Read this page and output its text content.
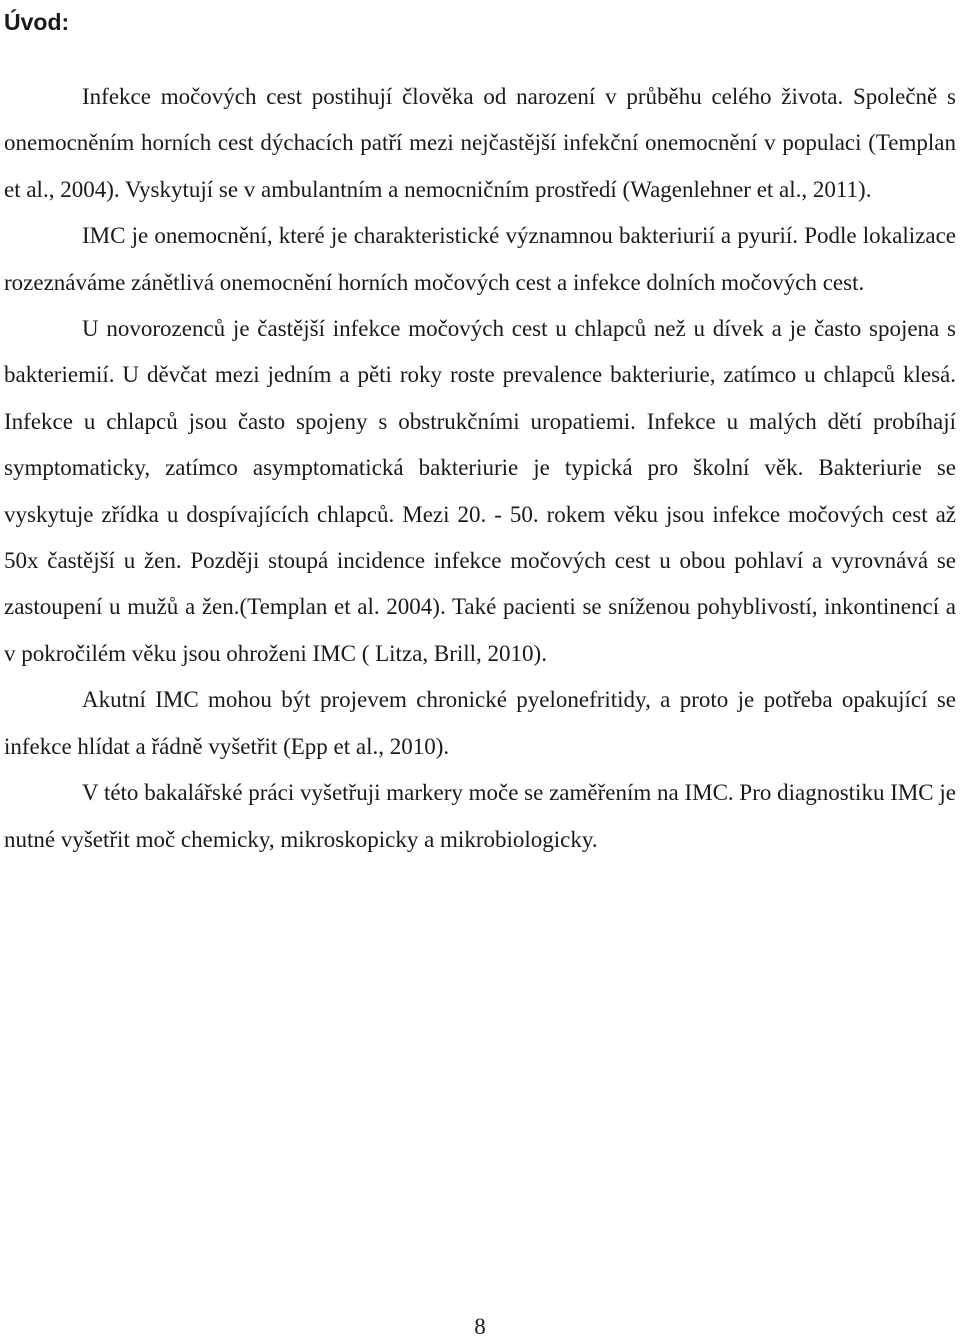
Úvod:

Infekce močových cest postihují člověka od narození v průběhu celého života. Společně s onemocněním horních cest dýchacích patří mezi nejčastější infekční onemocnění v populaci (Templan et al., 2004). Vyskytují se v ambulantním a nemocničním prostředí (Wagenlehner et al., 2011).

IMC je onemocnění, které je charakteristické významnou bakteriurií a pyurií. Podle lokalizace rozeznáváme zánětlivá onemocnění horních močových cest a infekce dolních močových cest.

U novorozenců je častější infekce močových cest u chlapců než u dívek a je často spojena s bakteriemií. U děvčat mezi jedním a pěti roky roste prevalence bakteriurie, zatímco u chlapců klesá. Infekce u chlapců jsou často spojeny s obstrukčními uropatiemi. Infekce u malých dětí probíhají symptomaticky, zatímco asymptomatická bakteriurie je typická pro školní věk. Bakteriurie se vyskytuje zřídka u dospívajících chlapců. Mezi 20. - 50. rokem věku jsou infekce močových cest až 50x častější u žen. Později stoupá incidence infekce močových cest u obou pohlaví a vyrovnává se zastoupení u mužů a žen.(Templan et al. 2004). Také pacienti se sníženou pohyblivostí, inkontinencí a v pokročilém věku jsou ohroženi IMC ( Litza, Brill, 2010).

Akutní IMC mohou být projevem chronické pyelonefritidy, a proto je potřeba opakující se infekce hlídat a řádně vyšetřit (Epp et al., 2010).

V této bakalářské práci vyšetřuji markery moče se zaměřením na IMC. Pro diagnostiku IMC je nutné vyšetřit moč chemicky, mikroskopicky a mikrobiologicky.

8
